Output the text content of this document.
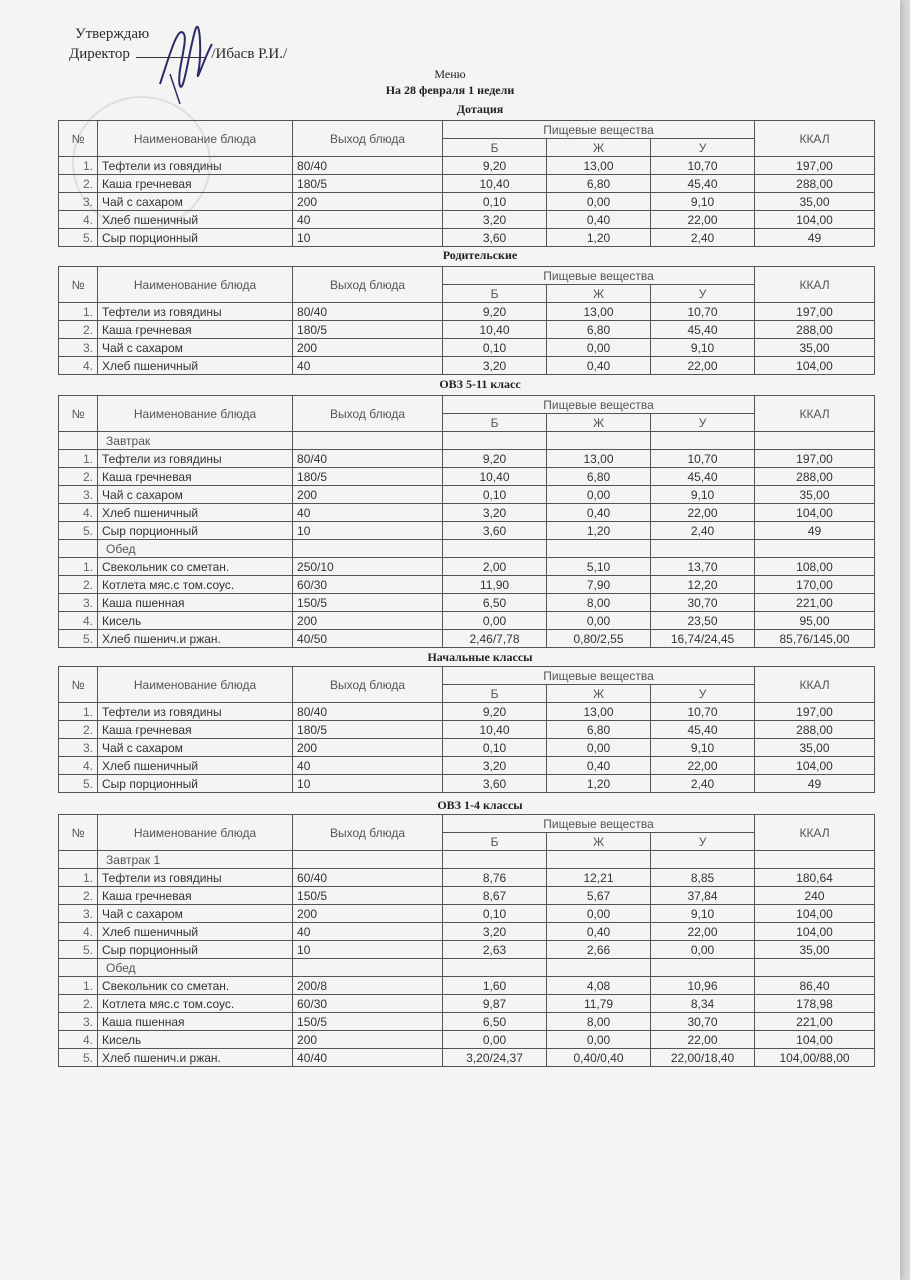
Утверждаю
Директор	/Ибасв Р.И./
Меню
На 28 февраля 1 недели
Дотация
№	Наименование блюда	Выход блюда	Пищевые вещества			ККАЛ
			Б	Ж	У	
1.	Тефтели из говядины	80/40	9,20	13,00	10,70	197,00
2.	Каша гречневая	180/5	10,40	6,80	45,40	288,00
3.	Чай с сахаром	200	0,10	0,00	9,10	35,00
4.	Хлеб пшеничный	40	3,20	0,40	22,00	104,00
5.	Сыр порционный	10	3,60	1,20	2,40	49
Родительские
№	Наименование блюда	Выход блюда	Пищевые вещества			ККАЛ
			Б	Ж	У	
1.	Тефтели из говядины	80/40	9,20	13,00	10,70	197,00
2.	Каша гречневая	180/5	10,40	6,80	45,40	288,00
3.	Чай с сахаром	200	0,10	0,00	9,10	35,00
4.	Хлеб пшеничный	40	3,20	0,40	22,00	104,00
ОВЗ 5-11 класс
№	Наименование блюда	Выход блюда	Пищевые вещества			ККАЛ
			Б	Ж	У	
	Завтрак					
1.	Тефтели из говядины	80/40	9,20	13,00	10,70	197,00
2.	Каша гречневая	180/5	10,40	6,80	45,40	288,00
3.	Чай с сахаром	200	0,10	0,00	9,10	35,00
4.	Хлеб пшеничный	40	3,20	0,40	22,00	104,00
5.	Сыр порционный	10	3,60	1,20	2,40	49
	Обед					
1.	Свекольник со сметан.	250/10	2,00	5,10	13,70	108,00
2.	Котлета мяс.с том.соус.	60/30	11,90	7,90	12,20	170,00
3.	Каша пшенная	150/5	6,50	8,00	30,70	221,00
4.	Кисель	200	0,00	0,00	23,50	95,00
5.	Хлеб пшенич.и ржан.	40/50	2,46/7,78	0,80/2,55	16,74/24,45	85,76/145,00
Начальные классы
№	Наименование блюда	Выход блюда	Пищевые вещества			ККАЛ
			Б	Ж	У	
1.	Тефтели из говядины	80/40	9,20	13,00	10,70	197,00
2.	Каша гречневая	180/5	10,40	6,80	45,40	288,00
3.	Чай с сахаром	200	0,10	0,00	9,10	35,00
4.	Хлеб пшеничный	40	3,20	0,40	22,00	104,00
5.	Сыр порционный	10	3,60	1,20	2,40	49
ОВЗ 1-4 классы
№	Наименование блюда	Выход блюда	Пищевые вещества			ККАЛ
			Б	Ж	У	
	Завтрак 1					
1.	Тефтели из говядины	60/40	8,76	12,21	8,85	180,64
2.	Каша гречневая	150/5	8,67	5,67	37,84	240
3.	Чай с сахаром	200	0,10	0,00	9,10	104,00
4.	Хлеб пшеничный	40	3,20	0,40	22,00	104,00
5.	Сыр порционный	10	2,63	2,66	0,00	35,00
	Обед					
1.	Свекольник со сметан.	200/8	1,60	4,08	10,96	86,40
2.	Котлета мяс.с том.соус.	60/30	9,87	11,79	8,34	178,98
3.	Каша пшенная	150/5	6,50	8,00	30,70	221,00
4.	Кисель	200	0,00	0,00	22,00	104,00
5.	Хлеб пшенич.и ржан.	40/40	3,20/24,37	0,40/0,40	22,00/18,40	104,00/88,00
